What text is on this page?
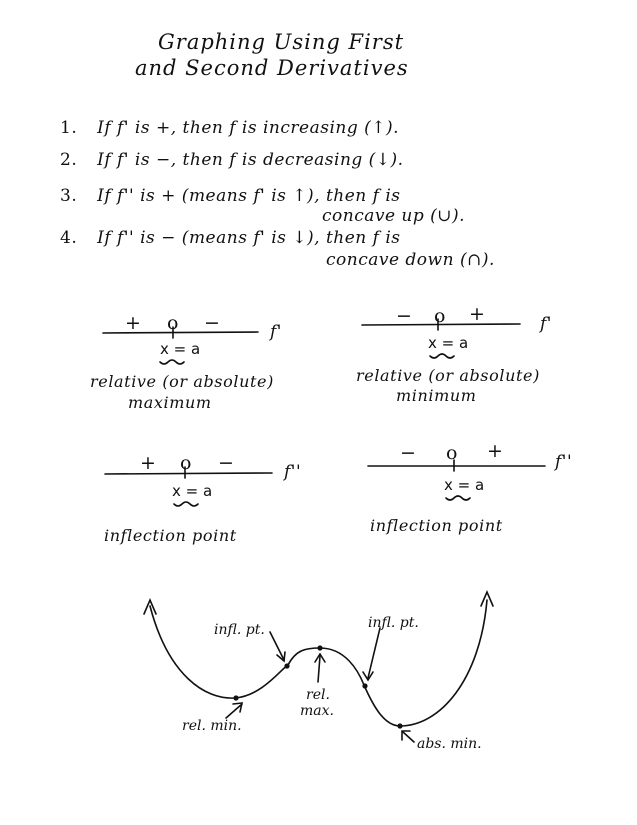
Graphing Using First
and Second Derivatives
1. If f' is +, then f is increasing (↑).
2. If f' is −, then f is decreasing (↓).
3. If f'' is + (means f' is ↑), then f is
concave up (∪).
4. If f'' is − (means f' is ↓), then f is
concave down (∩).
+ o −	f'
x = a
relative (or absolute)
maximum
− o +	f'
x = a
relative (or absolute)
minimum
+ o −	f''
x = a
inflection point
− o +	f''
x = a
inflection point
infl. pt.	infl. pt.
rel.
max.
rel. min.
abs. min.
